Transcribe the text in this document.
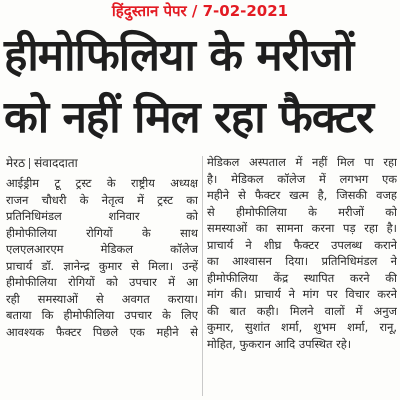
हिंदुस्तान पेपर / 7-02-2021
हीमोफिलिया के मरीजों
को नहीं मिल रहा फैक्टर
मेरठ संवाददाता
आईड्रीम टू ट्रस्ट के राष्ट्रीय अध्यक्ष
राजन चौधरी के नेतृत्व में ट्रस्ट का
प्रतिनिधिमंडल शनिवार को
हीमोफीलिया रोगियों के साथ
एलएलआरएम मेडिकल कॉलेज
प्राचार्य डॉ. ज्ञानेन्द्र कुमार से मिला। उन्हें
हीमोफीलिया रोगियों को उपचार में आ
रही समस्याओं से अवगत कराया।
बताया कि हीमोफीलिया उपचार के लिए
आवश्यक फैक्टर पिछले एक महीने से
मेडिकल अस्पताल में नहीं मिल पा रहा
है। मेडिकल कॉलेज में लगभग एक
महीने से फैक्टर खत्म है, जिसकी वजह
से हीमोफीलिया के मरीजों को
समस्याओं का सामना करना पड़ रहा है।
प्राचार्य ने शीघ्र फैक्टर उपलब्ध कराने
का आश्वासन दिया। प्रतिनिधिमंडल ने
हीमोफीलिया केंद्र स्थापित करने की
मांग की। प्राचार्य ने मांग पर विचार करने
की बात कही। मिलने वालों में अनुज
कुमार, सुशांत शर्मा, शुभम शर्मा, रानू,
मोहित, फुकरान आदि उपस्थित रहे।
